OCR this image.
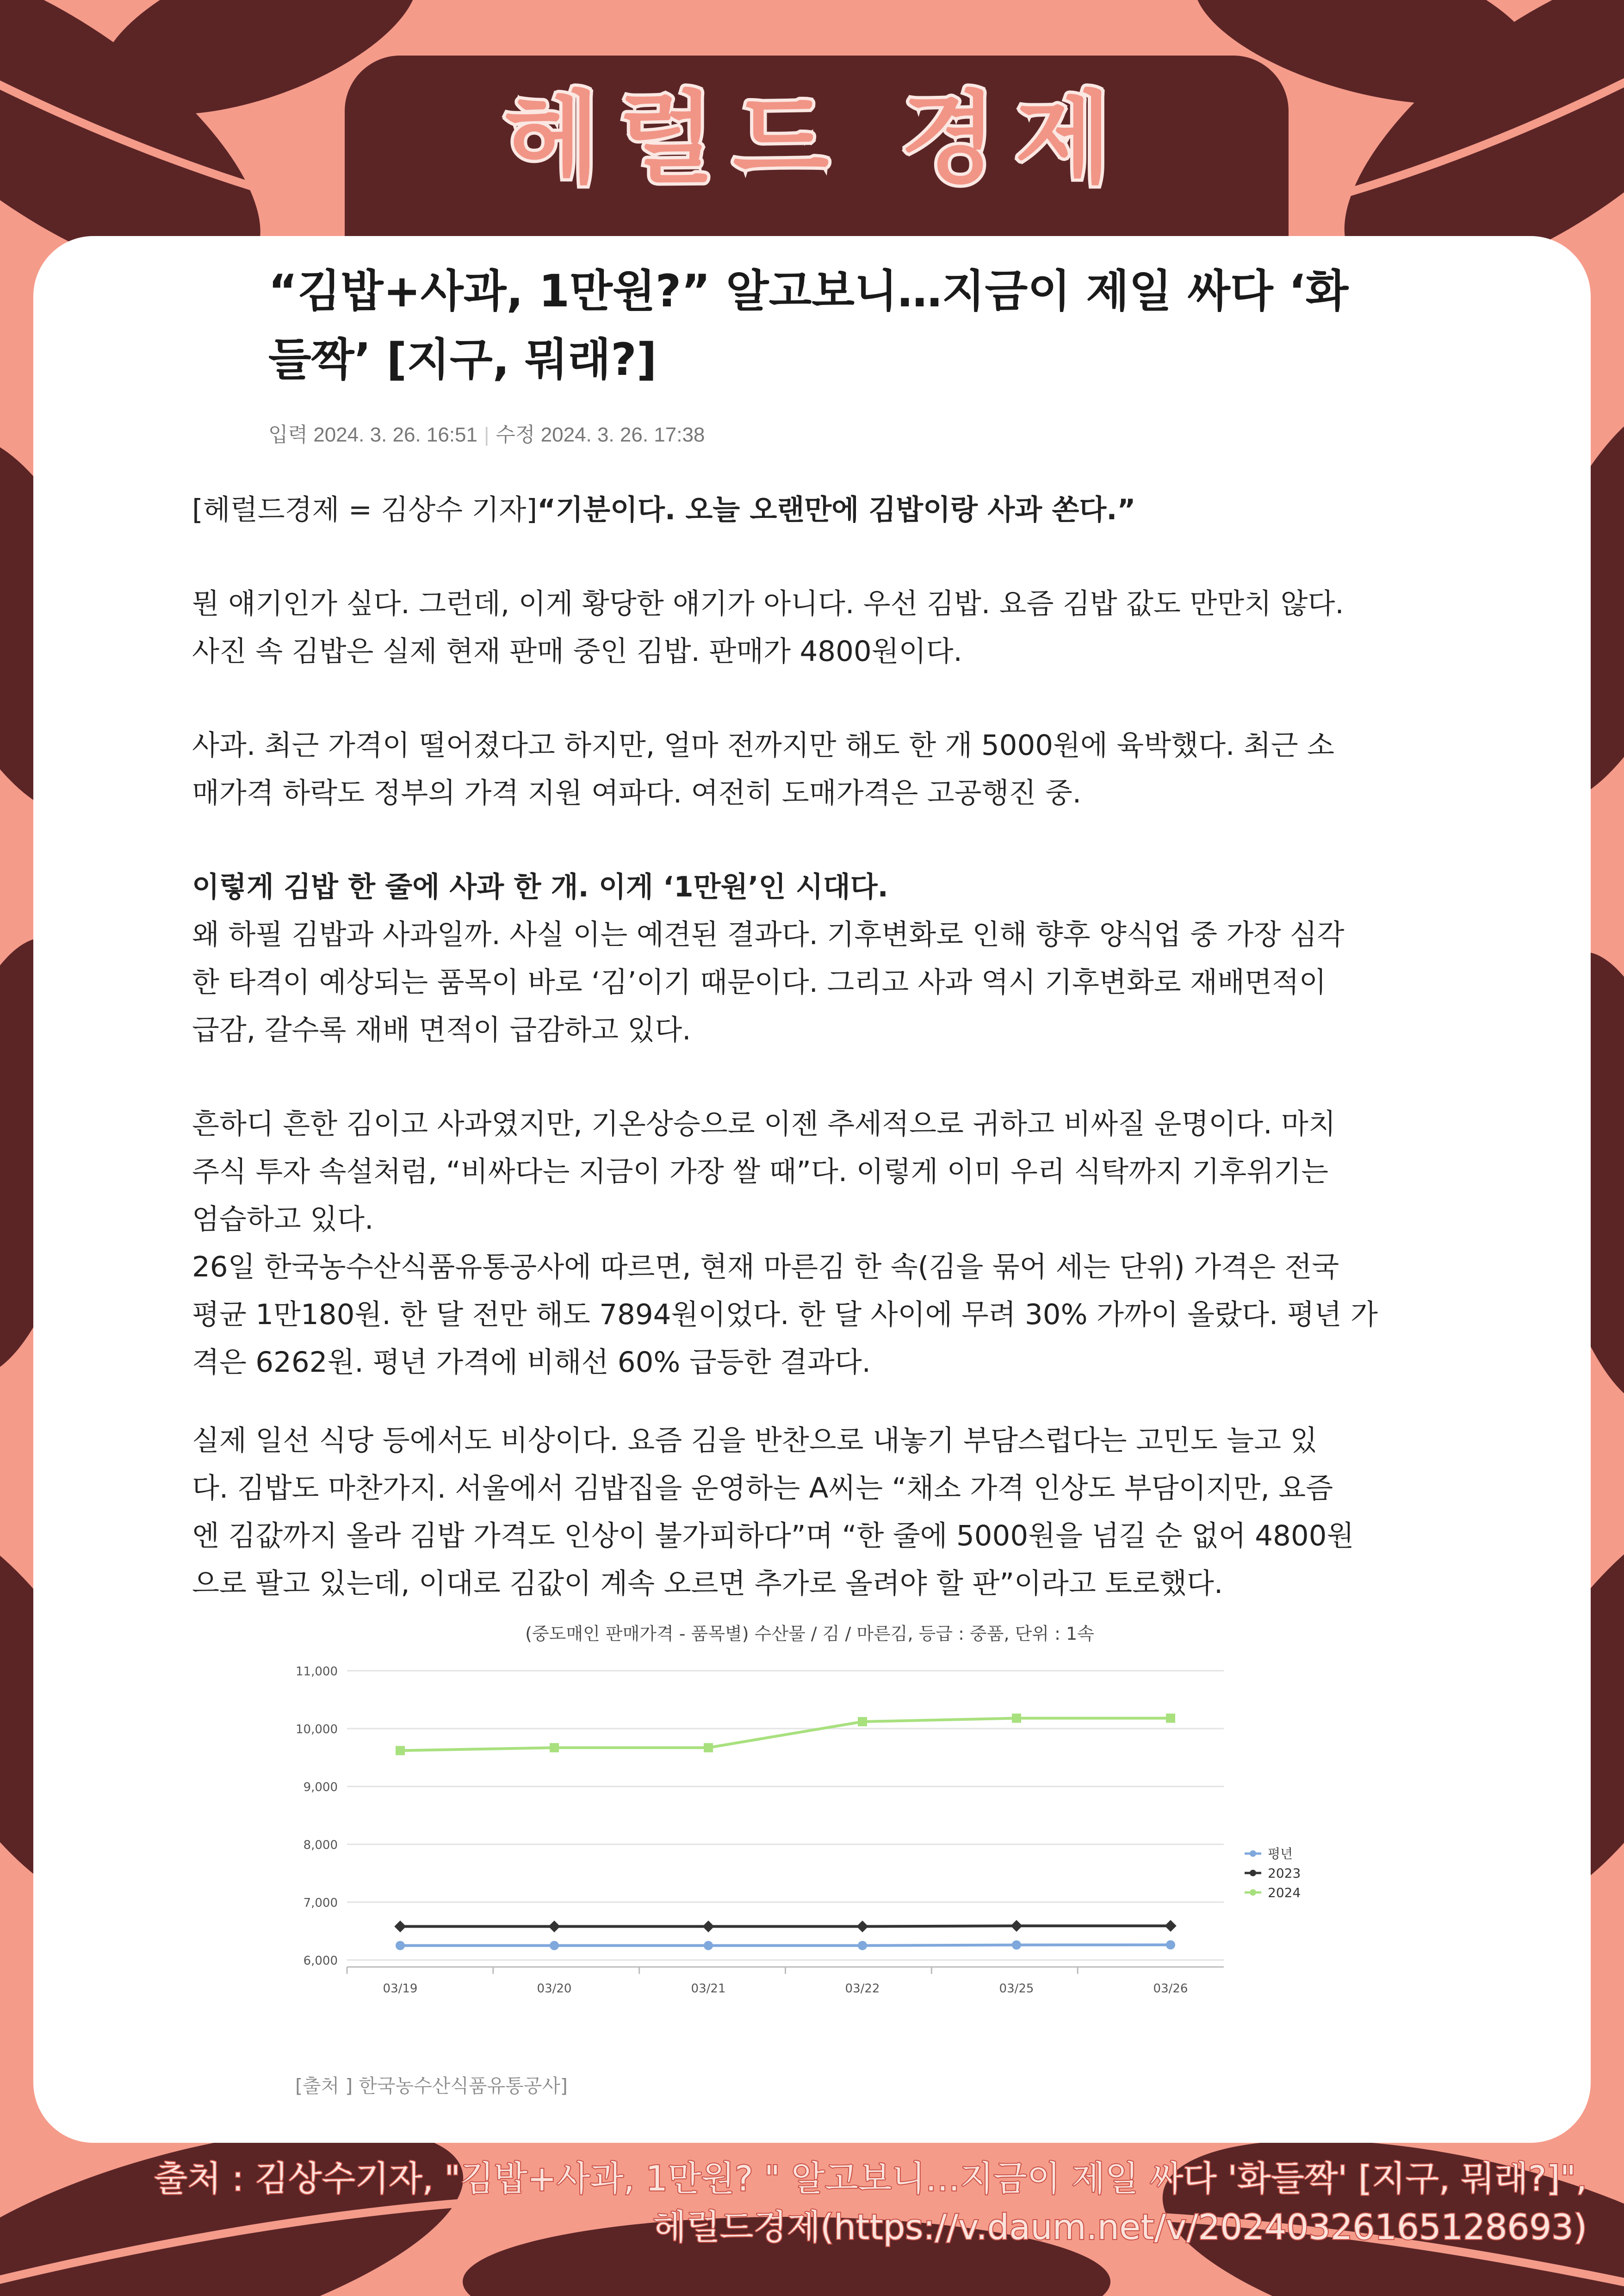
헤럴드 경제
“김밥+사과, 1만원?” 알고보니…지금이 제일 싸다 ‘화
들짝’ [지구, 뭐래?]
입력 2024. 3. 26. 16:51 | 수정 2024. 3. 26. 17:38

[헤럴드경제 = 김상수 기자]“기분이다. 오늘 오랜만에 김밥이랑 사과 쏜다.”

뭔 얘기인가 싶다. 그런데, 이게 황당한 얘기가 아니다. 우선 김밥. 요즘 김밥 값도 만만치 않다.
사진 속 김밥은 실제 현재 판매 중인 김밥. 판매가 4800원이다.

사과. 최근 가격이 떨어졌다고 하지만, 얼마 전까지만 해도 한 개 5000원에 육박했다. 최근 소
매가격 하락도 정부의 가격 지원 여파다. 여전히 도매가격은 고공행진 중.

이렇게 김밥 한 줄에 사과 한 개. 이게 ‘1만원’인 시대다.

왜 하필 김밥과 사과일까. 사실 이는 예견된 결과다. 기후변화로 인해 향후 양식업 중 가장 심각
한 타격이 예상되는 품목이 바로 ‘김’이기 때문이다. 그리고 사과 역시 기후변화로 재배면적이
급감, 갈수록 재배 면적이 급감하고 있다.

흔하디 흔한 김이고 사과였지만, 기온상승으로 이젠 추세적으로 귀하고 비싸질 운명이다. 마치
주식 투자 속설처럼, “비싸다는 지금이 가장 쌀 때”다. 이렇게 이미 우리 식탁까지 기후위기는
엄습하고 있다.

26일 한국농수산식품유통공사에 따르면, 현재 마른김 한 속(김을 묶어 세는 단위) 가격은 전국
평균 1만180원. 한 달 전만 해도 7894원이었다. 한 달 사이에 무려 30% 가까이 올랐다. 평년 가
격은 6262원. 평년 가격에 비해선 60% 급등한 결과다.

실제 일선 식당 등에서도 비상이다. 요즘 김을 반찬으로 내놓기 부담스럽다는 고민도 늘고 있
다. 김밥도 마찬가지. 서울에서 김밥집을 운영하는 A씨는 “채소 가격 인상도 부담이지만, 요즘
엔 김값까지 올라 김밥 가격도 인상이 불가피하다”며 “한 줄에 5000원을 넘길 순 없어 4800원
으로 팔고 있는데, 이대로 김값이 계속 오르면 추가로 올려야 할 판”이라고 토로했다.

(중도매인 판매가격 - 품목별) 수산물 / 김 / 마른김, 등급 : 중품, 단위 : 1속
6,000
7,000
8,000
9,000
10,000
11,000
03/19	03/20	03/21	03/22	03/25	03/26
평년
2023
2024
[출처 ] 한국농수산식품유통공사]
출처 : 김상수기자, "김밥+사과, 1만원? " 알고보니…지금이 제일 싸다 '화들짝' [지구, 뭐래?]",
헤럴드경제(https://v.daum.net/v/20240326165128693)
